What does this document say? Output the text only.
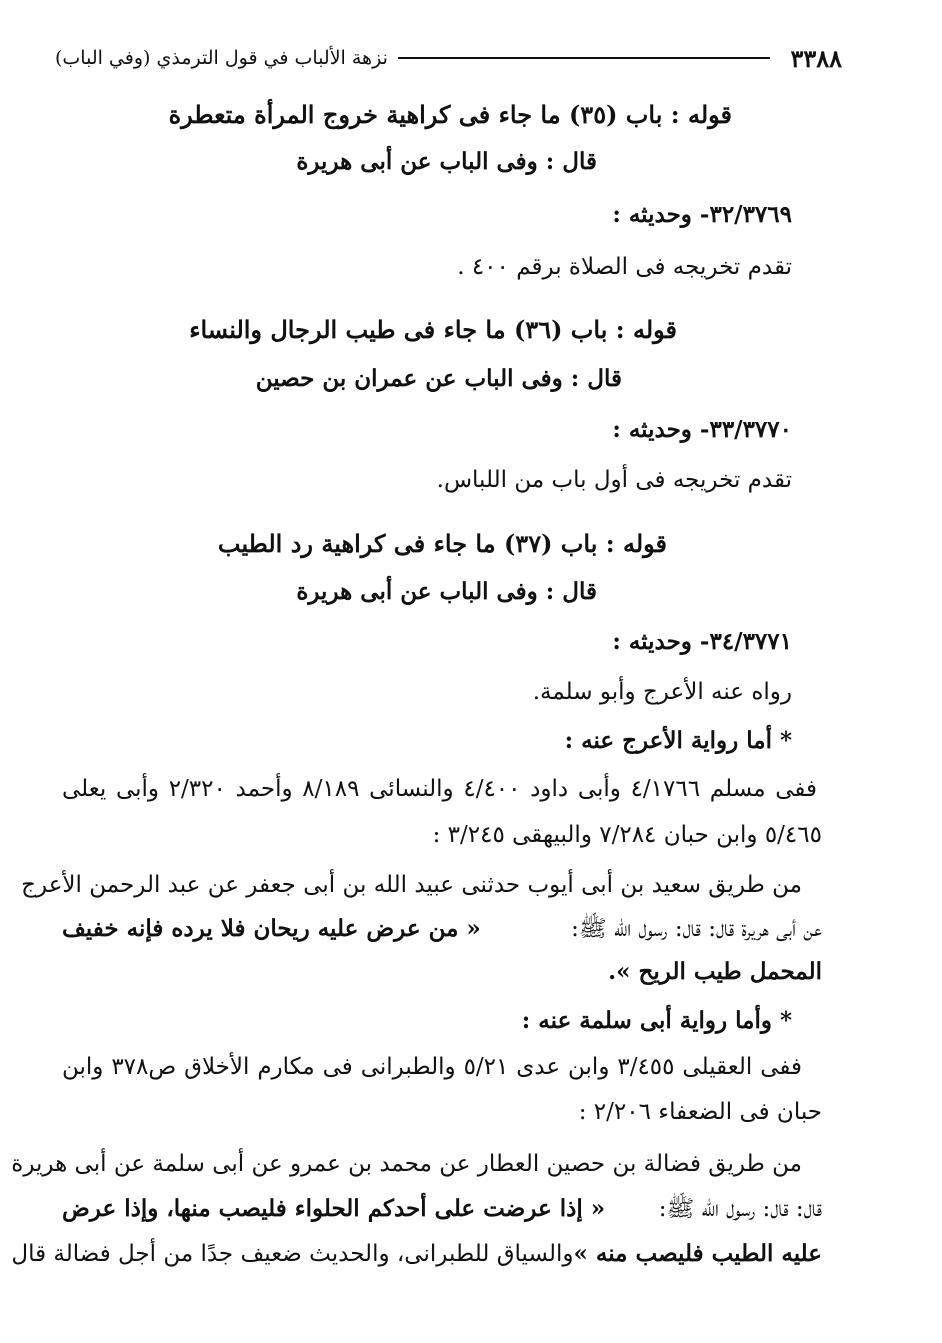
٣٣٨٨
نزهة الألباب في قول الترمذي (وفي الباب)
قوله : باب (٣٥) ما جاء فى كراهية خروج المرأة متعطرة
قال : وفى الباب عن أبى هريرة
٣٢/٣٧٦٩- وحديثه :
تقدم تخريجه فى الصلاة برقم ٤٠٠ .
قوله : باب (٣٦) ما جاء فى طيب الرجال والنساء
قال : وفى الباب عن عمران بن حصين
٣٣/٣٧٧٠- وحديثه :
تقدم تخريجه فى أول باب من اللباس.
قوله : باب (٣٧) ما جاء فى كراهية رد الطيب
قال : وفى الباب عن أبى هريرة
٣٤/٣٧٧١- وحديثه :
رواه عنه الأعرج وأبو سلمة.
* أما رواية الأعرج عنه :
ففى مسلم ٤/١٧٦٦ وأبى داود ٤/٤٠٠ والنسائى ٨/١٨٩ وأحمد ٢/٣٢٠ وأبى يعلى
٥/٤٦٥ وابن حبان ٧/٢٨٤ والبيهقى ٣/٢٤٥ :
من طريق سعيد بن أبى أيوب حدثنى عبيد الله بن أبى جعفر عن عبد الرحمن الأعرج
عن أبى هريرة قال: قال: رسول الله ﷺ:
« من عرض عليه ريحان فلا يرده فإنه خفيف
المحمل طيب الريح ».
* وأما رواية أبى سلمة عنه :
ففى العقيلى ٣/٤٥٥ وابن عدى ٥/٢١ والطبرانى فى مكارم الأخلاق ص٣٧٨ وابن
حبان فى الضعفاء ٢/٢٠٦ :
من طريق فضالة بن حصين العطار عن محمد بن عمرو عن أبى سلمة عن أبى هريرة
قال: قال: رسول الله ﷺ:
« إذا عرضت على أحدكم الحلواء فليصب منها، وإذا عرض
عليه الطيب فليصب منه »
والسياق للطبرانى، والحديث ضعيف جدًا من أجل فضالة قال
